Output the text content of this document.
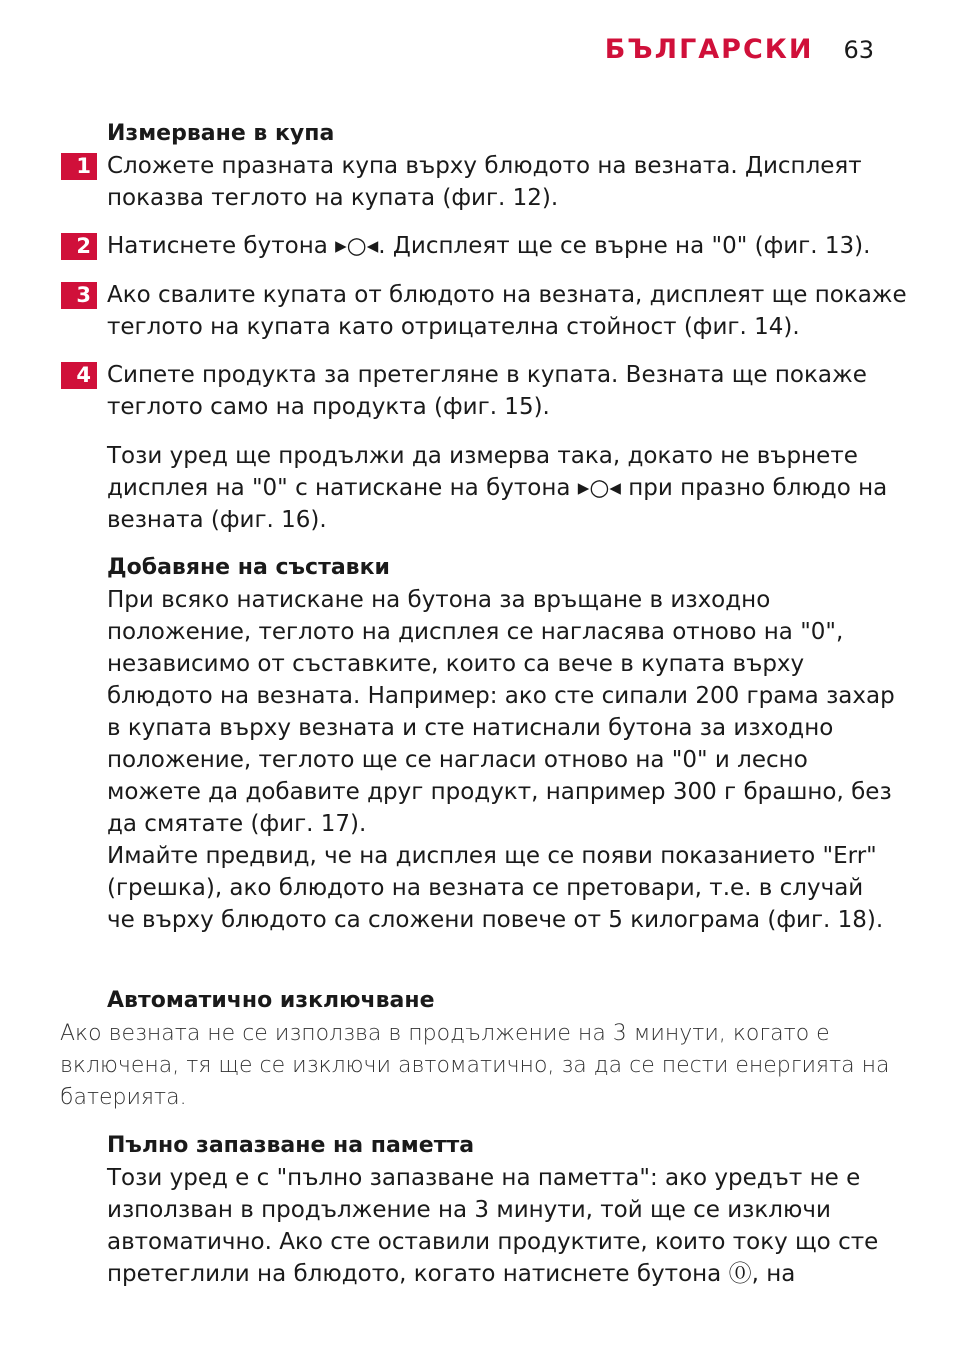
БЪЛГАРСКИ 63
Измерване в купа
1 Сложете празната купа върху блюдото на везната. Дисплеят показва теглото на купата (фиг. 12).
2 Натиснете бутона ▸○◂. Дисплеят ще се върне на "0" (фиг. 13).
3 Ако свалите купата от блюдото на везната, дисплеят ще покаже теглото на купата като отрицателна стойност (фиг. 14).
4 Сипете продукта за претегляне в купата. Везната ще покаже теглото само на продукта (фиг. 15).

Този уред ще продължи да измерва така, докато не върнете дисплея на "0" с натискане на бутона ▸○◂ при празно блюдо на везната (фиг. 16).

Добавяне на съставки

При всяко натискане на бутона за връщане в изходно положение, теглото на дисплея се нагласява отново на "0", независимо от съставките, които са вече в купата върху блюдото на везната. Например: ако сте сипали 200 грама захар в купата върху везната и сте натиснали бутона за изходно положение, теглото ще се нагласи отново на "0" и лесно можете да добавите друг продукт, например 300 г брашно, без да смятате (фиг. 17).

Имайте предвид, че на дисплея ще се появи показанието "Err" (грешка), ако блюдото на везната се претовари, т.е. в случай че върху блюдото са сложени повече от 5 килограма (фиг. 18).

Автоматично изключване
Ако везната не се използва в продължение на 3 минути, когато е включена, тя ще се изключи автоматично, за да се пести енергията на батерията.
Пълно запазване на паметта

Този уред е с "пълно запазване на паметта": ако уредът не е използван в продължение на 3 минути, той ще се изключи автоматично. Ако сте оставили продуктите, които току що сте претеглили на блюдото, когато натиснете бутона ⓪, на
